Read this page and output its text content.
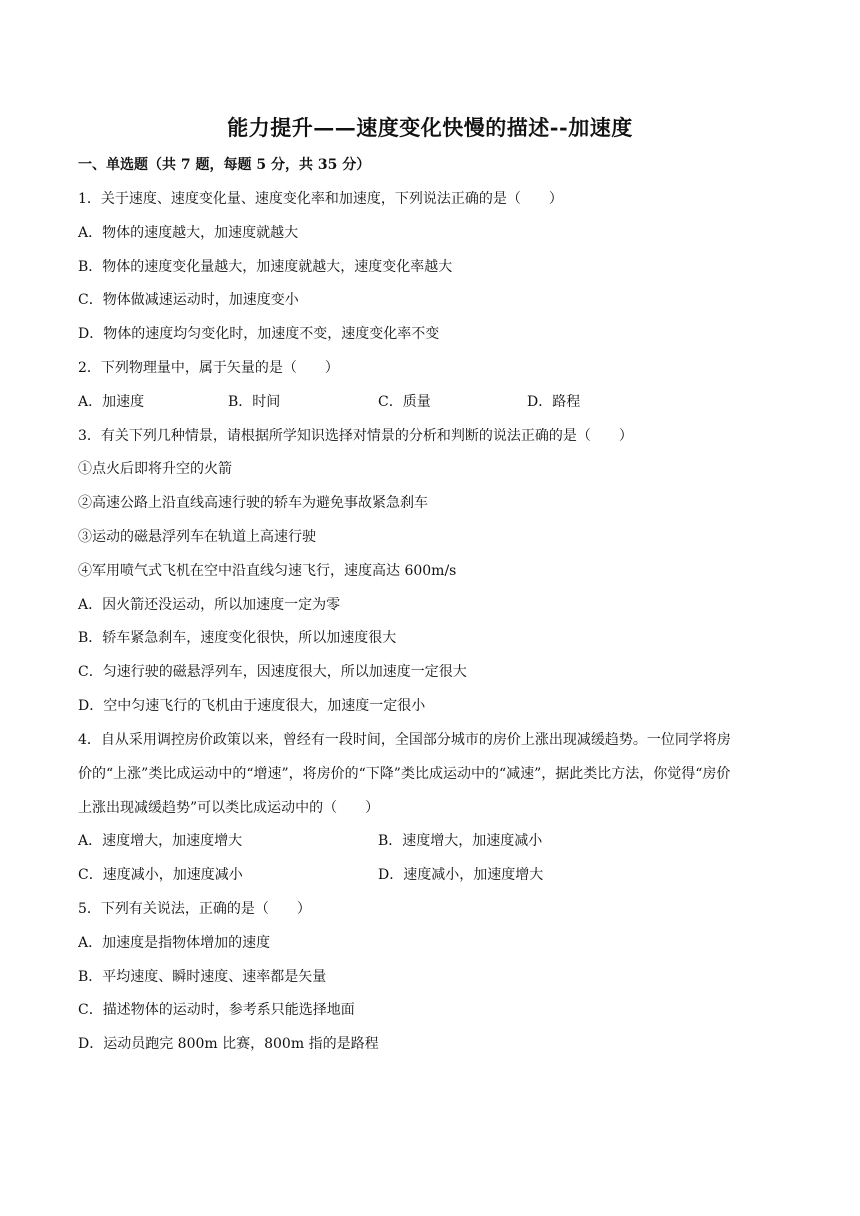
能力提升——速度变化快慢的描述--加速度
一、单选题（共 7 题，每题 5 分，共 35 分）

1．关于速度、速度变化量、速度变化率和加速度，下列说法正确的是（　　）

A．物体的速度越大，加速度就越大

B．物体的速度变化量越大，加速度就越大，速度变化率越大

C．物体做减速运动时，加速度变小

D．物体的速度均匀变化时，加速度不变，速度变化率不变

2．下列物理量中，属于矢量的是（　　）

A．加速度	B．时间	C．质量	D．路程

3．有关下列几种情景，请根据所学知识选择对情景的分析和判断的说法正确的是（　　）

①点火后即将升空的火箭

②高速公路上沿直线高速行驶的轿车为避免事故紧急刹车

③运动的磁悬浮列车在轨道上高速行驶

④军用喷气式飞机在空中沿直线匀速飞行，速度高达 600m/s

A．因火箭还没运动，所以加速度一定为零

B．轿车紧急刹车，速度变化很快，所以加速度很大

C．匀速行驶的磁悬浮列车，因速度很大，所以加速度一定很大

D．空中匀速飞行的飞机由于速度很大，加速度一定很小

4．自从采用调控房价政策以来，曾经有一段时间，全国部分城市的房价上涨出现减缓趋势。一位同学将房

价的“上涨”类比成运动中的“增速”，将房价的“下降”类比成运动中的“减速”，据此类比方法，你觉得“房价

上涨出现减缓趋势”可以类比成运动中的（　　）

A．速度增大，加速度增大	B．速度增大，加速度减小
C．速度减小，加速度减小	D．速度减小，加速度增大

5．下列有关说法，正确的是（　　）

A．加速度是指物体增加的速度

B．平均速度、瞬时速度、速率都是矢量

C．描述物体的运动时，参考系只能选择地面

D．运动员跑完 800m 比赛，800m 指的是路程
